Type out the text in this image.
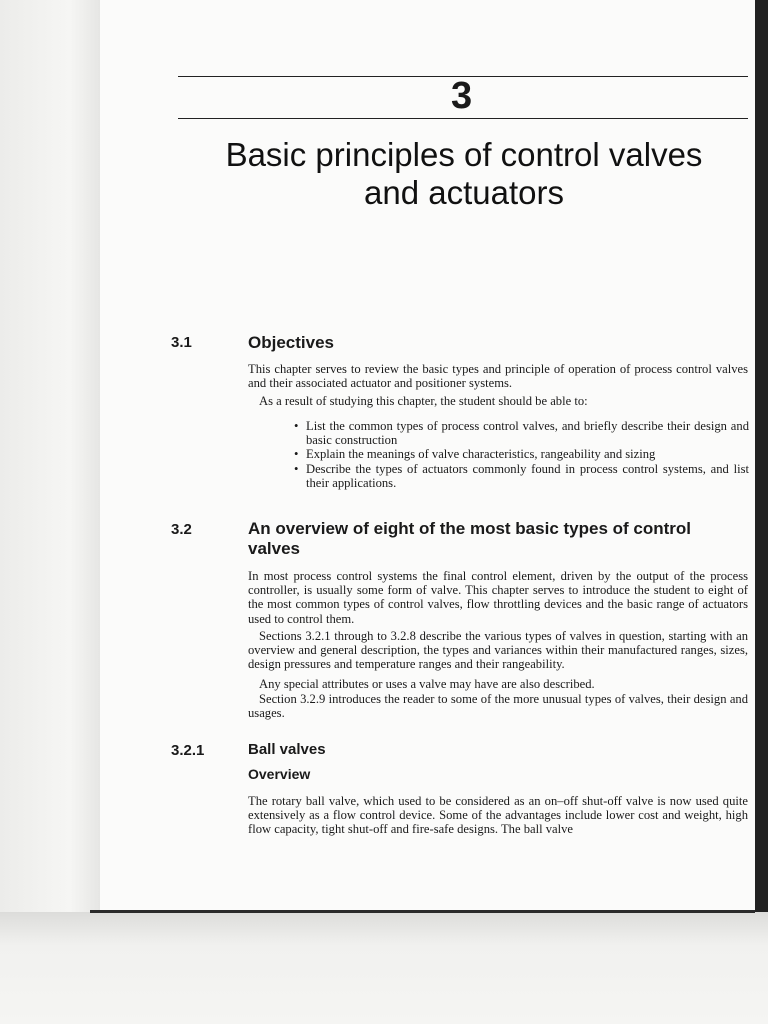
3
Basic principles of control valves
and actuators
3.1	Objectives

This chapter serves to review the basic types and principle of operation of process control valves and their associated actuator and positioner systems.

As a result of studying this chapter, the student should be able to:

• List the common types of process control valves, and briefly describe their design and basic construction
• Explain the meanings of valve characteristics, rangeability and sizing
• Describe the types of actuators commonly found in process control systems, and list their applications.
3.2	An overview of eight of the most basic types of control
valves

In most process control systems the final control element, driven by the output of the process controller, is usually some form of valve. This chapter serves to introduce the student to eight of the most common types of control valves, flow throttling devices and the basic range of actuators used to control them.

Sections 3.2.1 through to 3.2.8 describe the various types of valves in question, starting with an overview and general description, the types and variances within their manufactured ranges, sizes, design pressures and temperature ranges and their rangeability.

Any special attributes or uses a valve may have are also described.

Section 3.2.9 introduces the reader to some of the more unusual types of valves, their design and usages.

3.2.1	Ball valves
Overview

The rotary ball valve, which used to be considered as an on–off shut-off valve is now used quite extensively as a flow control device. Some of the advantages include lower cost and weight, high flow capacity, tight shut-off and fire-safe designs. The ball valve
